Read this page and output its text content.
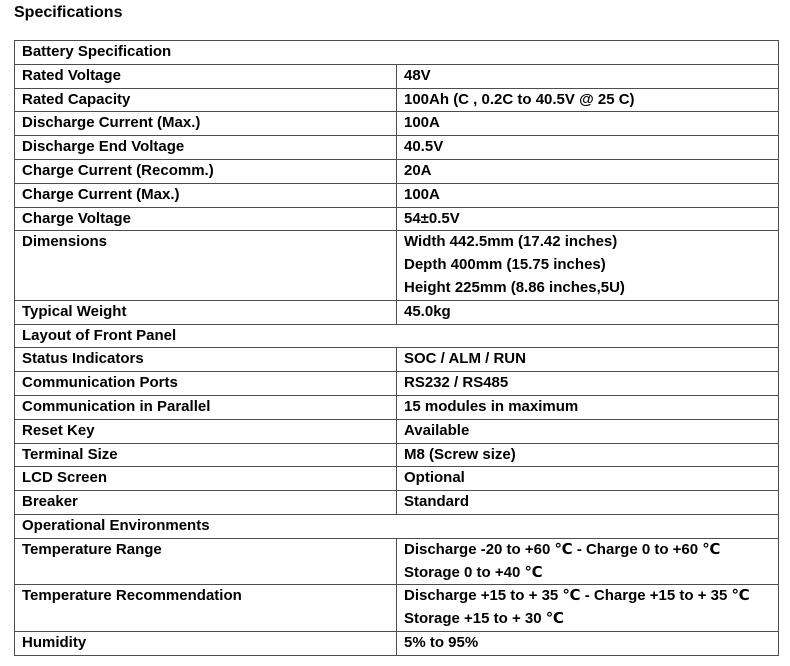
Specifications
Battery Specification	
Rated Voltage	48V

Rated Capacity	100Ah (C , 0.2C to 40.5V @ 25 C)

Discharge Current (Max.)	100A

Discharge End Voltage	40.5V

Charge Current (Recomm.)	20A

Charge Current (Max.)	100A

Charge Voltage	54±0.5V

Dimensions	Width 442.5mm (17.42 inches)
Depth 400mm (15.75 inches)
Height 225mm (8.86 inches,5U)

Typical Weight	45.0kg

Layout of Front Panel	
Status Indicators	SOC / ALM / RUN

Communication Ports	RS232 / RS485

Communication in Parallel	15 modules in maximum

Reset Key	Available

Terminal Size	M8 (Screw size)

LCD Screen	Optional

Breaker	Standard

Operational Environments	
Temperature Range	Discharge -20 to +60 ℃ - Charge 0 to +60 ℃
Storage 0 to +40 ℃

Temperature Recommendation	Discharge +15 to + 35 ℃ - Charge +15 to + 35 ℃
Storage +15 to + 30 ℃

Humidity	5% to 95%
